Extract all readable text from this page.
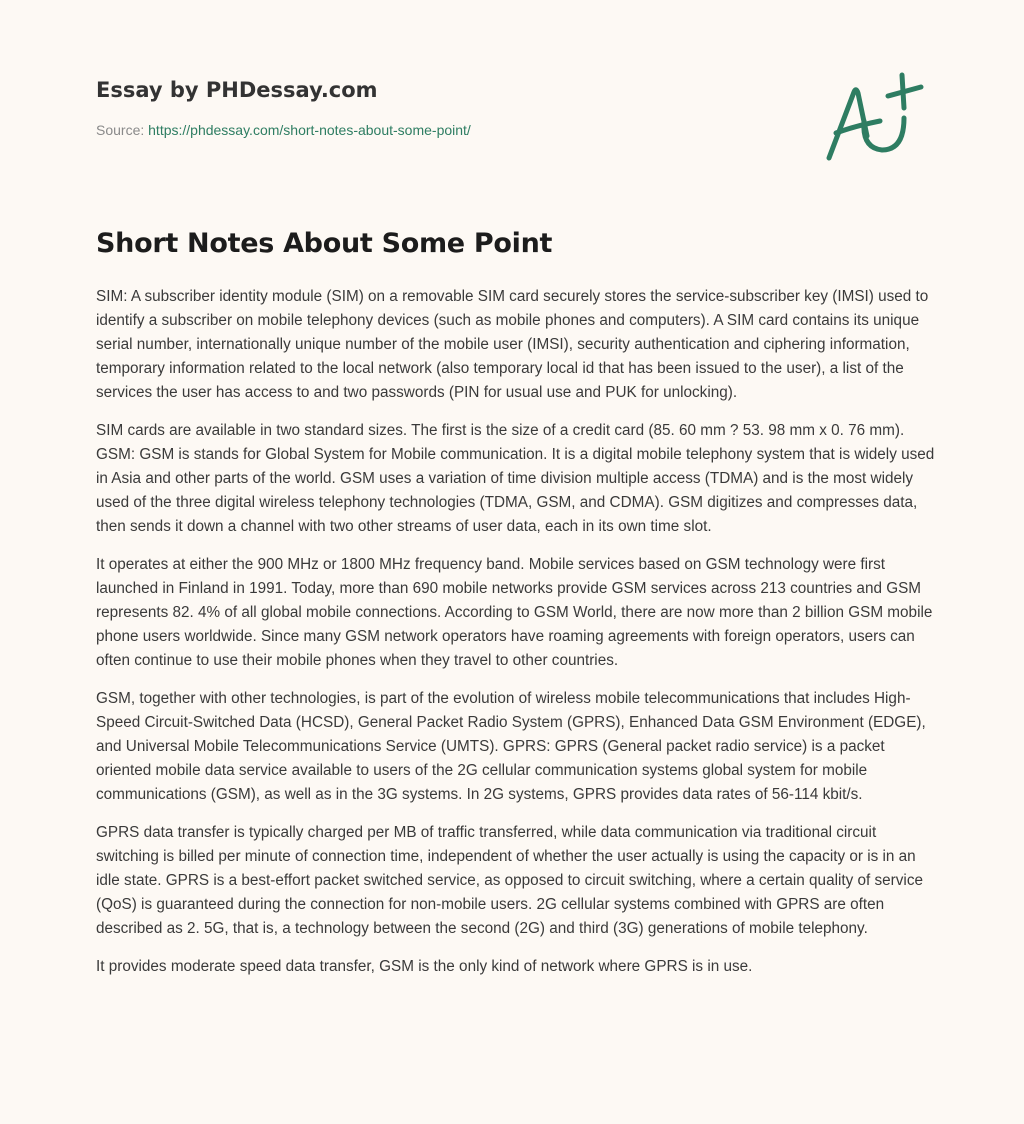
Essay by PHDessay.com
Source: https://phdessay.com/short-notes-about-some-point/
Short Notes About Some Point

SIM: A subscriber identity module (SIM) on a removable SIM card securely stores the service-subscriber key (IMSI) used to identify a subscriber on mobile telephony devices (such as mobile phones and computers). A SIM card contains its unique serial number, internationally unique number of the mobile user (IMSI), security authentication and ciphering information, temporary information related to the local network (also temporary local id that has been issued to the user), a list of the services the user has access to and two passwords (PIN for usual use and PUK for unlocking).

SIM cards are available in two standard sizes. The first is the size of a credit card (85. 60 mm ? 53. 98 mm x 0. 76 mm). GSM: GSM is stands for Global System for Mobile communication. It is a digital mobile telephony system that is widely used in Asia and other parts of the world. GSM uses a variation of time division multiple access (TDMA) and is the most widely used of the three digital wireless telephony technologies (TDMA, GSM, and CDMA). GSM digitizes and compresses data, then sends it down a channel with two other streams of user data, each in its own time slot.

It operates at either the 900 MHz or 1800 MHz frequency band. Mobile services based on GSM technology were first launched in Finland in 1991. Today, more than 690 mobile networks provide GSM services across 213 countries and GSM represents 82. 4% of all global mobile connections. According to GSM World, there are now more than 2 billion GSM mobile phone users worldwide. Since many GSM network operators have roaming agreements with foreign operators, users can often continue to use their mobile phones when they travel to other countries.

GSM, together with other technologies, is part of the evolution of wireless mobile telecommunications that includes High-Speed Circuit-Switched Data (HCSD), General Packet Radio System (GPRS), Enhanced Data GSM Environment (EDGE), and Universal Mobile Telecommunications Service (UMTS). GPRS: GPRS (General packet radio service) is a packet oriented mobile data service available to users of the 2G cellular communication systems global system for mobile communications (GSM), as well as in the 3G systems. In 2G systems, GPRS provides data rates of 56-114 kbit/s.

GPRS data transfer is typically charged per MB of traffic transferred, while data communication via traditional circuit switching is billed per minute of connection time, independent of whether the user actually is using the capacity or is in an idle state. GPRS is a best-effort packet switched service, as opposed to circuit switching, where a certain quality of service (QoS) is guaranteed during the connection for non-mobile users. 2G cellular systems combined with GPRS are often described as 2. 5G, that is, a technology between the second (2G) and third (3G) generations of mobile telephony.

It provides moderate speed data transfer, GSM is the only kind of network where GPRS is in use.
